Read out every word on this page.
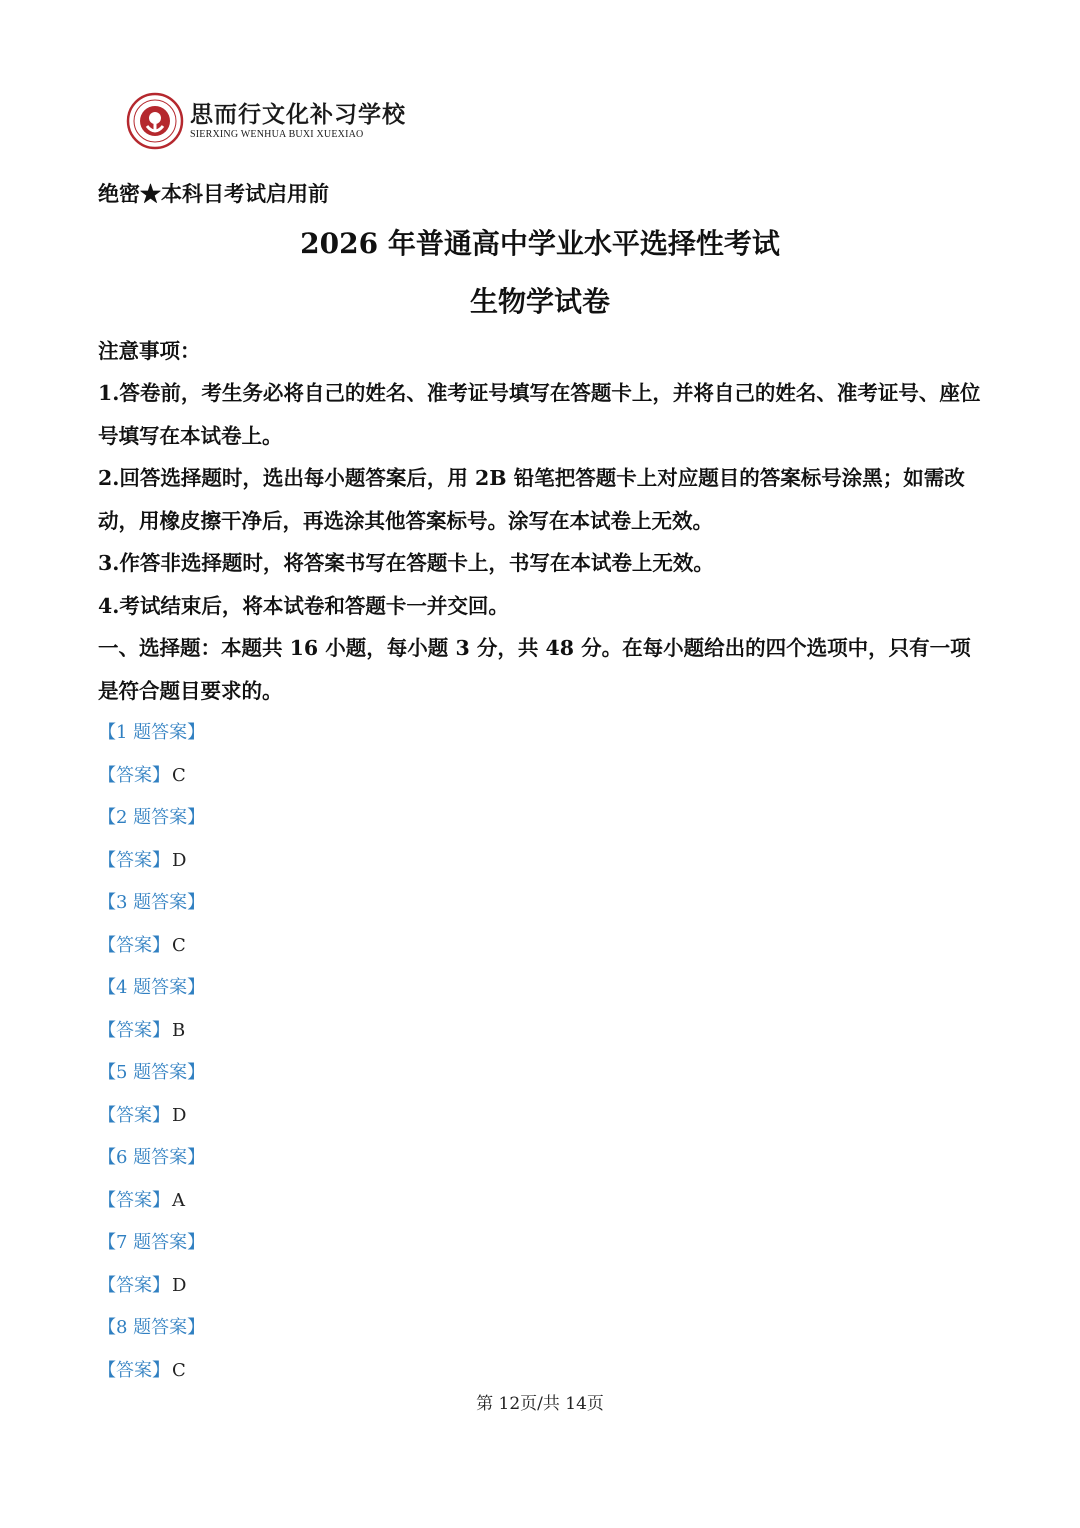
思而行文化补习学校
SIERXING WENHUA BUXI XUEXIAO
绝密★本科目考试启用前
2026 年普通高中学业水平选择性考试
生物学试卷
注意事项：

1.答卷前，考生务必将自己的姓名、准考证号填写在答题卡上，并将自己的姓名、准考证号、座位号填写在本试卷上。

2.回答选择题时，选出每小题答案后，用 2B 铅笔把答题卡上对应题目的答案标号涂黑；如需改动，用橡皮擦干净后，再选涂其他答案标号。涂写在本试卷上无效。

3.作答非选择题时，将答案书写在答题卡上，书写在本试卷上无效。

4.考试结束后，将本试卷和答题卡一并交回。

一、选择题：本题共 16 小题，每小题 3 分，共 48 分。在每小题给出的四个选项中，只有一项是符合题目要求的。

【1 题答案】
【答案】 C
【2 题答案】
【答案】 D
【3 题答案】
【答案】 C
【4 题答案】
【答案】 B
【5 题答案】
【答案】 D
【6 题答案】
【答案】 A
【7 题答案】
【答案】 D
【8 题答案】
【答案】 C
第 12页/共 14页
